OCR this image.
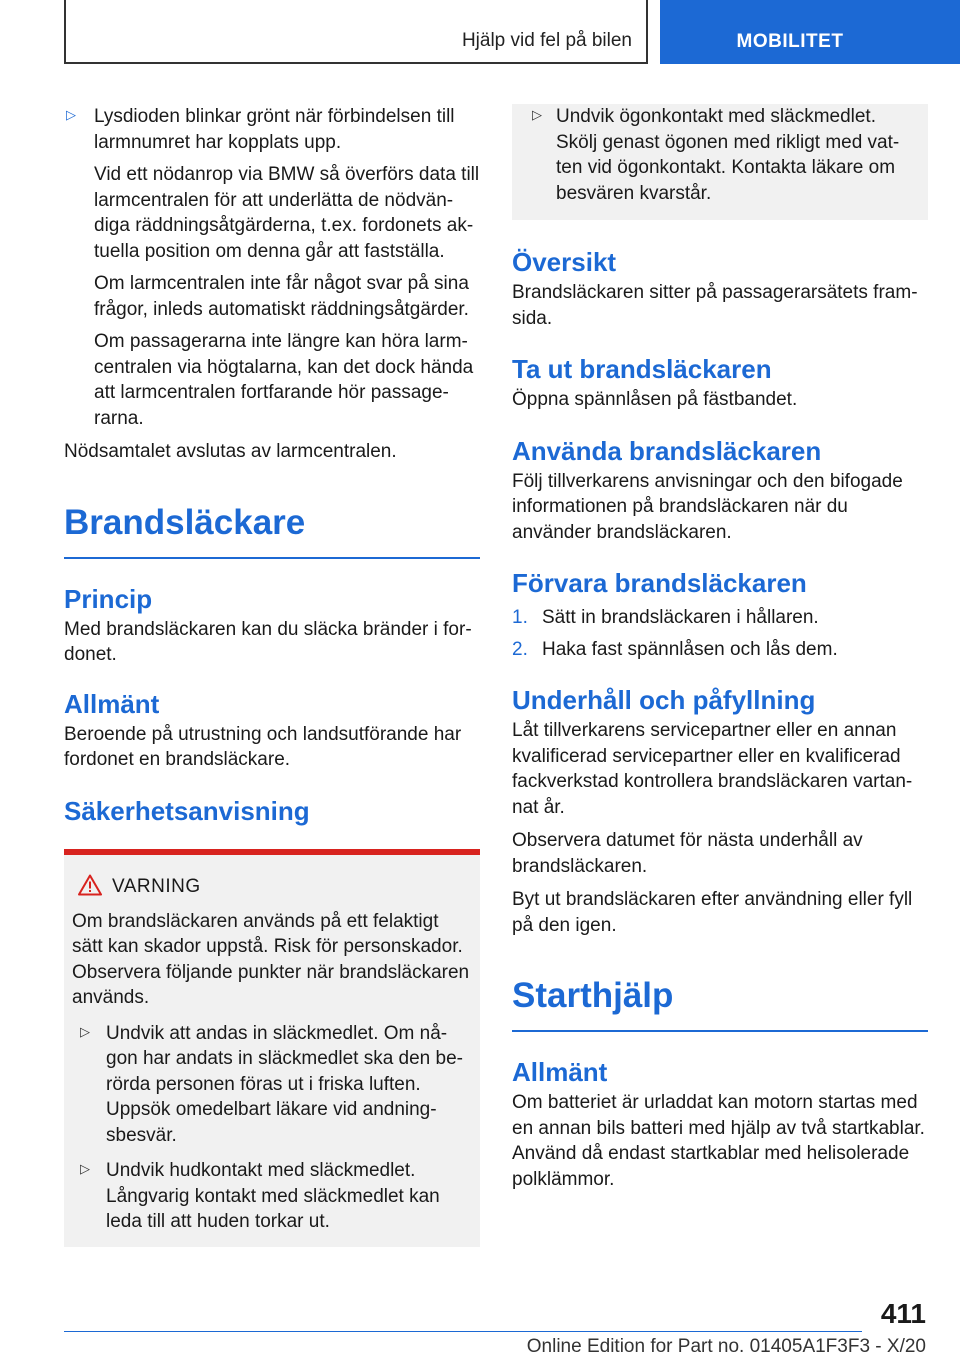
Hjälp vid fel på bilen	MOBILITET
▷ Lysdioden blinkar grönt när förbindelsen till larmnumret har kopplats upp.

Vid ett nödanrop via BMW så överförs data till larmcentralen för att underlätta de nödvändiga räddningsåtgärderna, t.ex. fordonets aktuella position om denna går att fastställa.

Om larmcentralen inte får något svar på sina frågor, inleds automatiskt räddningsåtgärder.

Om passagerarna inte längre kan höra larmcentralen via högtalarna, kan det dock hända att larmcentralen fortfarande hör passagerarna.

Nödsamtalet avslutas av larmcentralen.

Brandsläckare
Princip

Med brandsläckaren kan du släcka bränder i fordonet.

Allmänt

Beroende på utrustning och landsutförande har fordonet en brandsläckare.

Säkerhetsanvisning
VARNING

Om brandsläckaren används på ett felaktigt sätt kan skador uppstå. Risk för personskador. Observera följande punkter när brandsläckaren används.

▷ Undvik att andas in släckmedlet. Om någon har andats in släckmedlet ska den berörda personen föras ut i friska luften. Uppsök omedelbart läkare vid andningsbesvär.

▷ Undvik hudkontakt med släckmedlet. Långvarig kontakt med släckmedlet kan leda till att huden torkar ut.

▷ Undvik ögonkontakt med släckmedlet. Skölj genast ögonen med rikligt med vatten vid ögonkontakt. Kontakta läkare om besvären kvarstår.

Översikt

Brandsläckaren sitter på passagerarsätets framsida.

Ta ut brandsläckaren

Öppna spännlåsen på fästbandet.

Använda brandsläckaren

Följ tillverkarens anvisningar och den bifogade informationen på brandsläckaren när du använder brandsläckaren.

Förvara brandsläckaren
1. Sätt in brandsläckaren i hållaren.
2. Haka fast spännlåsen och lås dem.
Underhåll och påfyllning

Låt tillverkarens servicepartner eller en annan kvalificerad servicepartner eller en kvalificerad fackverkstad kontrollera brandsläckaren vartannat år.

Observera datumet för nästa underhåll av brandsläckaren.

Byt ut brandsläckaren efter användning eller fyll på den igen.

Starthjälp
Allmänt

Om batteriet är urladdat kan motorn startas med en annan bils batteri med hjälp av två startkablar. Använd då endast startkablar med helisolerade polklämmor.

411
Online Edition for Part no. 01405A1F3F3 - X/20
